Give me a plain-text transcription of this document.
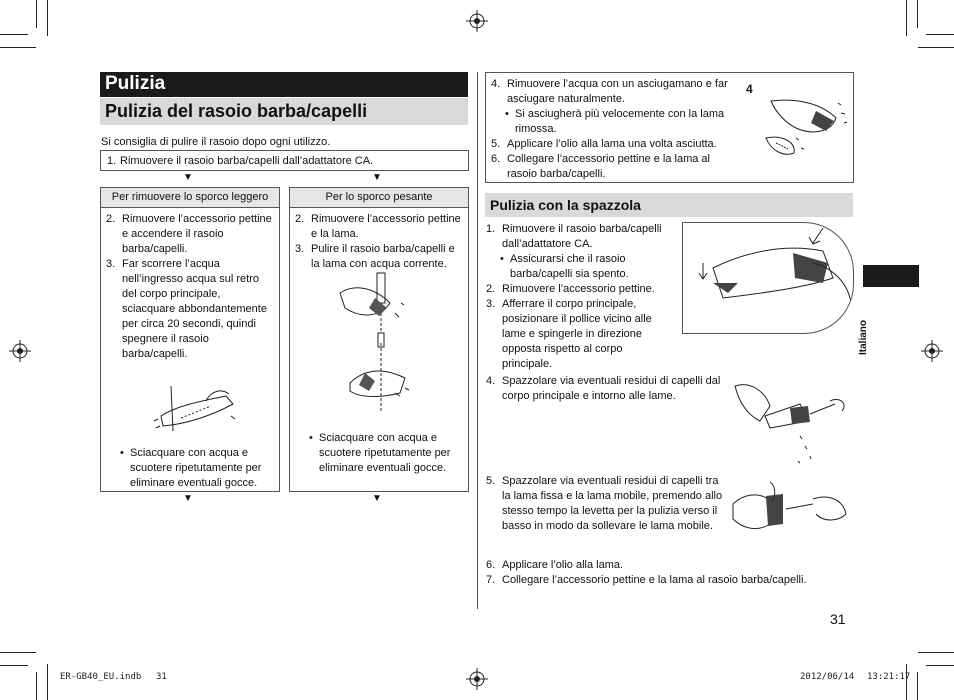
Pulizia
Pulizia del rasoio barba/capelli
Si consiglia di pulire il rasoio dopo ogni utilizzo.
1. Rimuovere il rasoio barba/capelli dall’adattatore CA.
▼	▼
Per rimuovere lo sporco leggero
2. Rimuovere l’accessorio pettine e accendere il rasoio barba/capelli.
3. Far scorrere l’acqua nell’ingresso acqua sul retro del corpo principale, sciacquare abbondantemente per circa 20 secondi, quindi spegnere il rasoio barba/capelli.
• Sciacquare con acqua e scuotere ripetutamente per eliminare eventuali gocce.
Per lo sporco pesante
2. Rimuovere l’accessorio pettine e la lama.
3. Pulire il rasoio barba/capelli e la lama con acqua corrente.
• Sciacquare con acqua e scuotere ripetutamente per eliminare eventuali gocce.
▼	▼
4. Rimuovere l’acqua con un asciugamano e far asciugare naturalmente.
• Si asciugherà più velocemente con la lama rimossa.
5. Applicare l’olio alla lama una volta asciutta.
6. Collegare l’accessorio pettine e la lama al rasoio barba/capelli.
4
Pulizia con la spazzola
1. Rimuovere il rasoio barba/capelli dall’adattatore CA.
• Assicurarsi che il rasoio barba/capelli sia spento.
2. Rimuovere l’accessorio pettine.
3. Afferrare il corpo principale, posizionare il pollice vicino alle lame e spingerle in direzione opposta rispetto al corpo principale.
4. Spazzolare via eventuali residui di capelli dal corpo principale e intorno alle lame.
5. Spazzolare via eventuali residui di capelli tra la lama fissa e la lama mobile, premendo allo stesso tempo la levetta per la pulizia verso il basso in modo da sollevare le lama mobile.
6. Applicare l’olio alla lama.
7. Collegare l’accessorio pettine e la lama al rasoio barba/capelli.
Italiano
31
ER-GB40_EU.indb 31	2012/06/14 13:21:17
